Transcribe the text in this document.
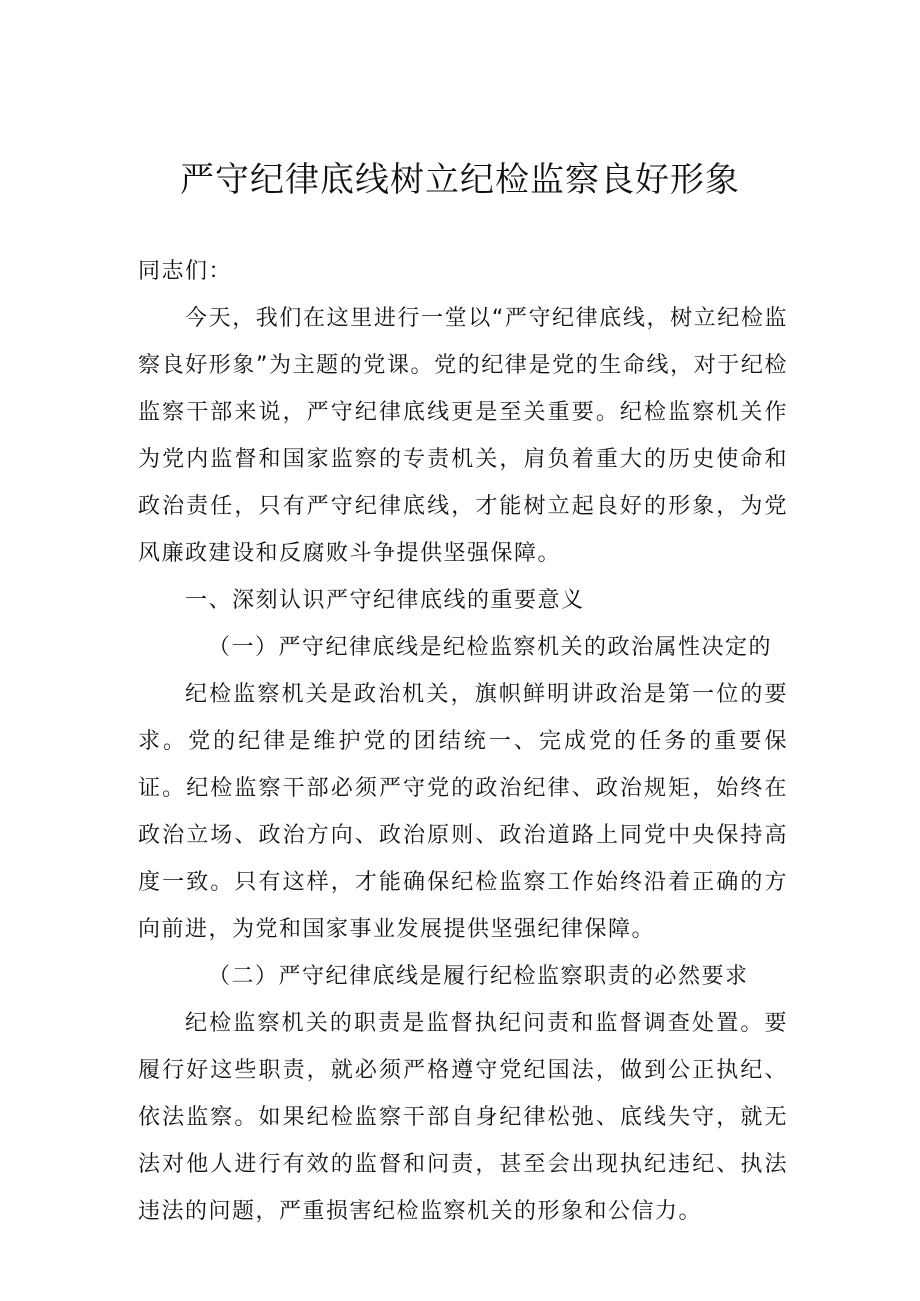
严守纪律底线树立纪检监察良好形象

同志们：

今天，我们在这里进行一堂以“严守纪律底线，树立纪检监察良好形象”为主题的党课。党的纪律是党的生命线，对于纪检监察干部来说，严守纪律底线更是至关重要。纪检监察机关作为党内监督和国家监察的专责机关，肩负着重大的历史使命和政治责任，只有严守纪律底线，才能树立起良好的形象，为党风廉政建设和反腐败斗争提供坚强保障。

一、深刻认识严守纪律底线的重要意义

（一）严守纪律底线是纪检监察机关的政治属性决定的

纪检监察机关是政治机关，旗帜鲜明讲政治是第一位的要求。党的纪律是维护党的团结统一、完成党的任务的重要保证。纪检监察干部必须严守党的政治纪律、政治规矩，始终在政治立场、政治方向、政治原则、政治道路上同党中央保持高度一致。只有这样，才能确保纪检监察工作始终沿着正确的方向前进，为党和国家事业发展提供坚强纪律保障。

（二）严守纪律底线是履行纪检监察职责的必然要求

纪检监察机关的职责是监督执纪问责和监督调查处置。要履行好这些职责，就必须严格遵守党纪国法，做到公正执纪、依法监察。如果纪检监察干部自身纪律松弛、底线失守，就无法对他人进行有效的监督和问责，甚至会出现执纪违纪、执法违法的问题，严重损害纪检监察机关的形象和公信力。
